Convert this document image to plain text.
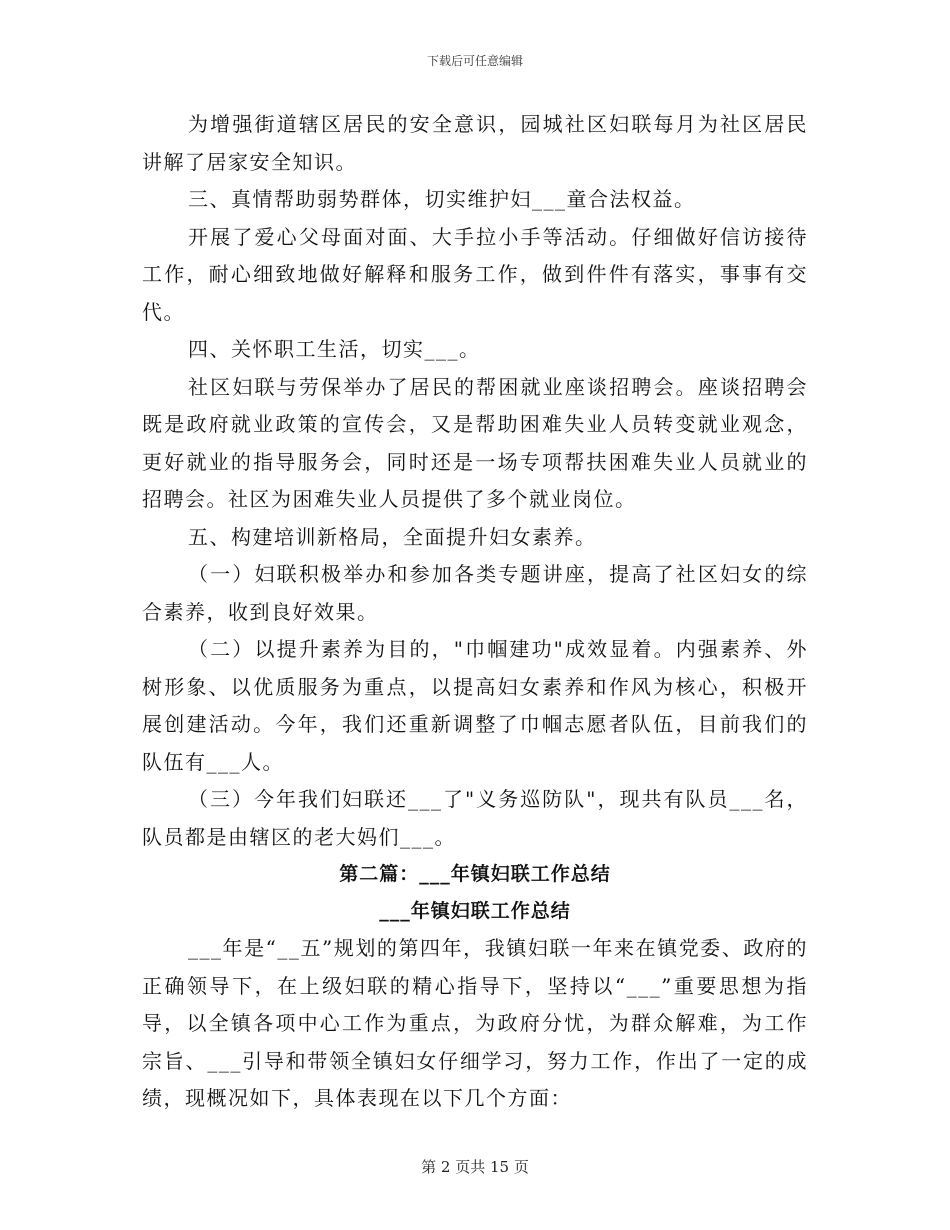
下载后可任意编辑

为增强街道辖区居民的安全意识，园城社区妇联每月为社区居民讲解了居家安全知识。

三、真情帮助弱势群体，切实维护妇___童合法权益。

开展了爱心父母面对面、大手拉小手等活动。仔细做好信访接待工作，耐心细致地做好解释和服务工作，做到件件有落实，事事有交代。

四、关怀职工生活，切实___。

社区妇联与劳保举办了居民的帮困就业座谈招聘会。座谈招聘会既是政府就业政策的宣传会，又是帮助困难失业人员转变就业观念，更好就业的指导服务会，同时还是一场专项帮扶困难失业人员就业的招聘会。社区为困难失业人员提供了多个就业岗位。

五、构建培训新格局，全面提升妇女素养。

（一）妇联积极举办和参加各类专题讲座，提高了社区妇女的综合素养，收到良好效果。

（二）以提升素养为目的，"巾帼建功"成效显着。内强素养、外树形象、以优质服务为重点，以提高妇女素养和作风为核心，积极开展创建活动。今年，我们还重新调整了巾帼志愿者队伍，目前我们的队伍有___人。

（三）今年我们妇联还___了"义务巡防队"，现共有队员___名，队员都是由辖区的老大妈们___。

第二篇：___年镇妇联工作总结

___年镇妇联工作总结

___年是“__五”规划的第四年，我镇妇联一年来在镇党委、政府的正确领导下，在上级妇联的精心指导下，坚持以“___”重要思想为指导，以全镇各项中心工作为重点，为政府分忧，为群众解难，为工作宗旨、___引导和带领全镇妇女仔细学习，努力工作，作出了一定的成绩，现概况如下，具体表现在以下几个方面：

第 2 页共 15 页
